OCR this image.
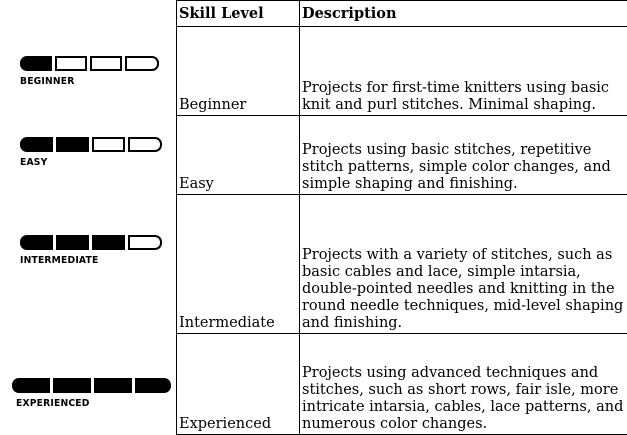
BEGINNER
EASY
INTERMEDIATE
EXPERIENCED
Skill Level	Description
Beginner	Projects for first-time knitters using basic knit and purl stitches. Minimal shaping.
Easy	Projects using basic stitches, repetitive stitch patterns, simple color changes, and simple shaping and finishing.
Intermediate	Projects with a variety of stitches, such as basic cables and lace, simple intarsia, double-pointed needles and knitting in the round needle techniques, mid-level shaping and finishing.
Experienced	Projects using advanced techniques and stitches, such as short rows, fair isle, more intricate intarsia, cables, lace patterns, and numerous color changes.
